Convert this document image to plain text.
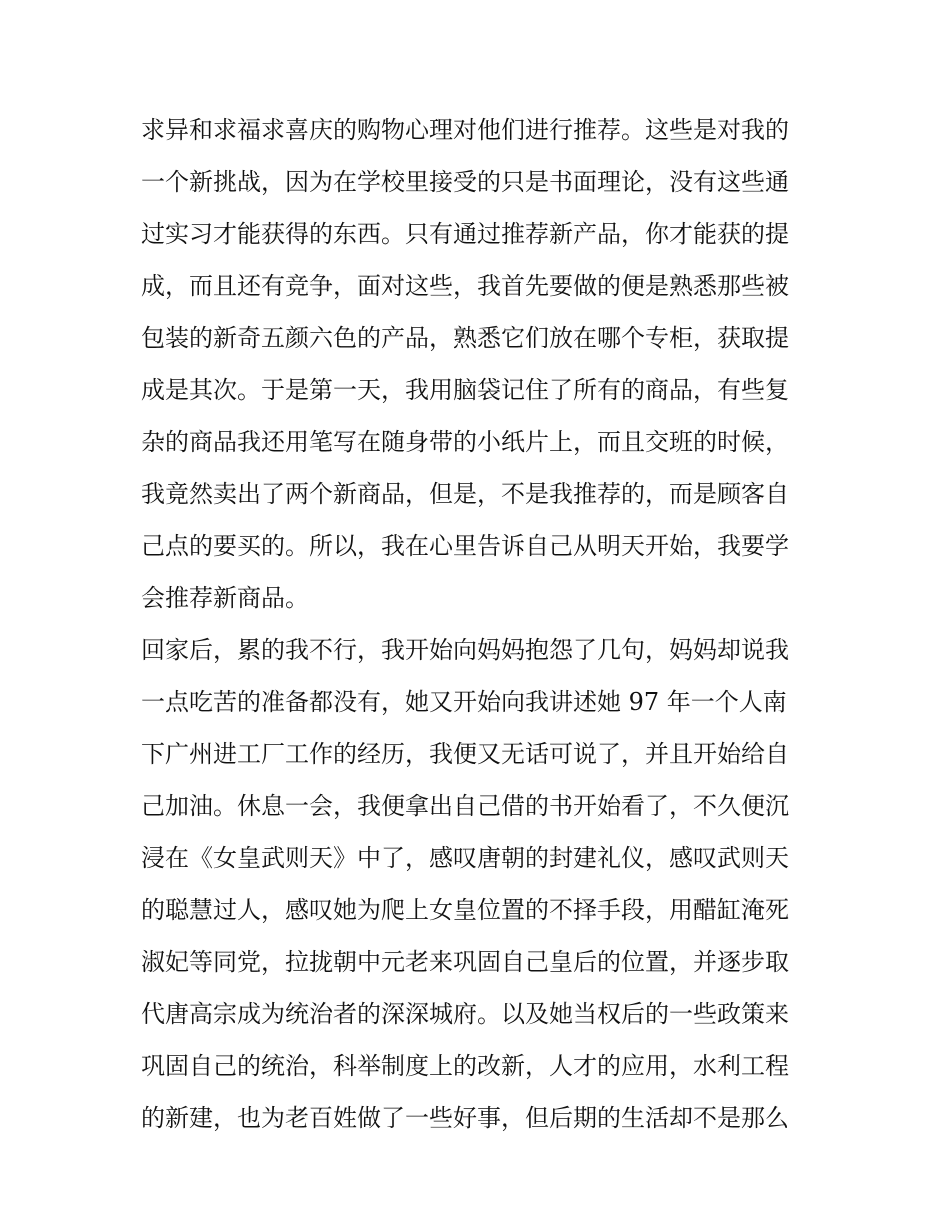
求异和求福求喜庆的购物心理对他们进行推荐。这些是对我的
一个新挑战，因为在学校里接受的只是书面理论，没有这些通
过实习才能获得的东西。只有通过推荐新产品，你才能获的提
成，而且还有竞争，面对这些，我首先要做的便是熟悉那些被
包装的新奇五颜六色的产品，熟悉它们放在哪个专柜，获取提
成是其次。于是第一天，我用脑袋记住了所有的商品，有些复
杂的商品我还用笔写在随身带的小纸片上，而且交班的时候，
我竟然卖出了两个新商品，但是，不是我推荐的，而是顾客自
己点的要买的。所以，我在心里告诉自己从明天开始，我要学
会推荐新商品。
回家后，累的我不行，我开始向妈妈抱怨了几句，妈妈却说我
一点吃苦的准备都没有，她又开始向我讲述她 97 年一个人南
下广州进工厂工作的经历，我便又无话可说了，并且开始给自
己加油。休息一会，我便拿出自己借的书开始看了，不久便沉
浸在《女皇武则天》中了，感叹唐朝的封建礼仪，感叹武则天
的聪慧过人，感叹她为爬上女皇位置的不择手段，用醋缸淹死
淑妃等同党，拉拢朝中元老来巩固自己皇后的位置，并逐步取
代唐高宗成为统治者的深深城府。以及她当权后的一些政策来
巩固自己的统治，科举制度上的改新，人才的应用，水利工程
的新建，也为老百姓做了一些好事，但后期的生活却不是那么
